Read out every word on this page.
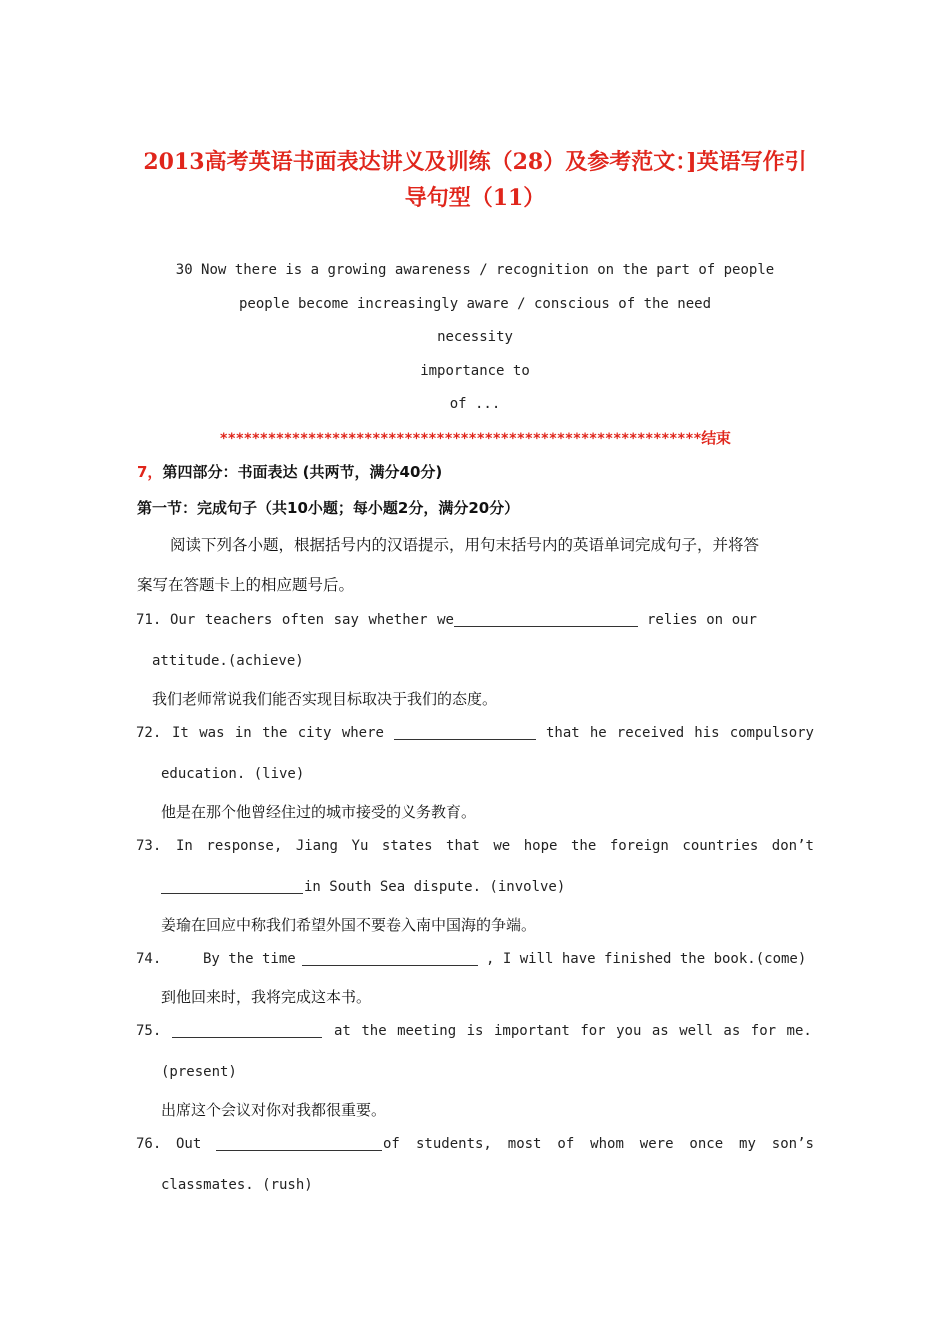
2013高考英语书面表达讲义及训练（28）及参考范文：]英语写作引
导句型（11）
30 Now there is a growing awareness / recognition on the part of people
people become increasingly aware / conscious of the need
necessity
importance to
of ...
************************************************************结束
7，第四部分：书面表达 (共两节，满分40分)
第一节：完成句子（共10小题；每小题2分，满分20分）
阅读下列各小题，根据括号内的汉语提示，用句末括号内的英语单词完成句子，并将答
案写在答题卡上的相应题号后。
71. Our teachers often say whether we	relies on our
attitude.(achieve)
我们老师常说我们能否实现目标取决于我们的态度。
72. It was in the city where	that he received his compulsory
education. (live)
他是在那个他曾经住过的城市接受的义务教育。
73. In response, Jiang Yu states that we hope the foreign countries don’t
in South Sea dispute. (involve)
姜瑜在回应中称我们希望外国不要卷入南中国海的争端。
74.	By the time	, I will have finished the book.(come)
到他回来时，我将完成这本书。
75.	at the meeting is important for you as well as for me.
(present)
出席这个会议对你对我都很重要。
76. Out	of students, most of whom were once my son’s
classmates. (rush)
